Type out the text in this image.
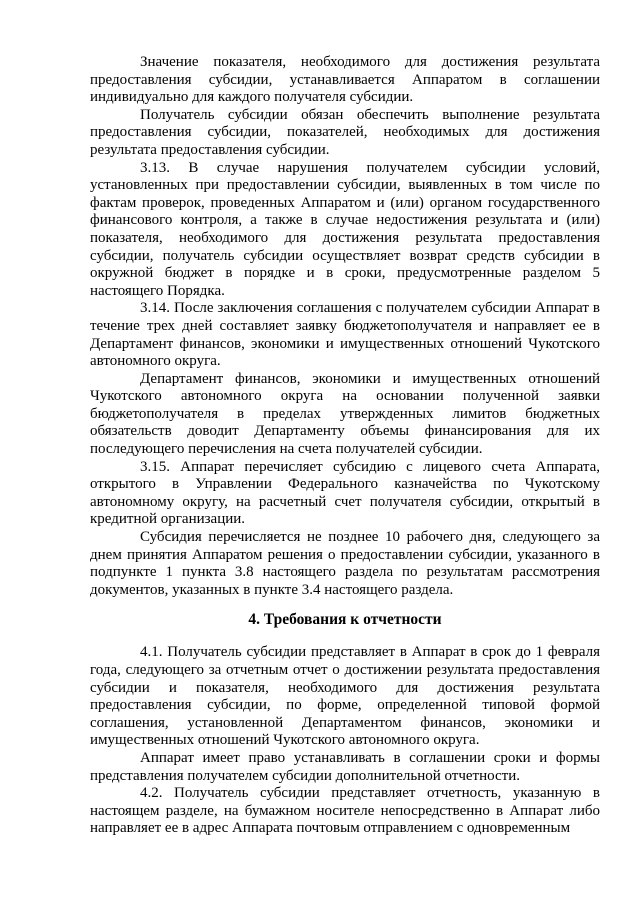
Значение показателя, необходимого для достижения результата предоставления субсидии, устанавливается Аппаратом в соглашении индивидуально для каждого получателя субсидии.

Получатель субсидии обязан обеспечить выполнение результата предоставления субсидии, показателей, необходимых для достижения результата предоставления субсидии.

3.13. В случае нарушения получателем субсидии условий, установленных при предоставлении субсидии, выявленных в том числе по фактам проверок, проведенных Аппаратом и (или) органом государственного финансового контроля, а также в случае недостижения результата и (или) показателя, необходимого для достижения результата предоставления субсидии, получатель субсидии осуществляет возврат средств субсидии в окружной бюджет в порядке и в сроки, предусмотренные разделом 5 настоящего Порядка.

3.14. После заключения соглашения с получателем субсидии Аппарат в течение трех дней составляет заявку бюджетополучателя и направляет ее в Департамент финансов, экономики и имущественных отношений Чукотского автономного округа.

Департамент финансов, экономики и имущественных отношений Чукотского автономного округа на основании полученной заявки бюджетополучателя в пределах утвержденных лимитов бюджетных обязательств доводит Департаменту объемы финансирования для их последующего перечисления на счета получателей субсидии.

3.15. Аппарат перечисляет субсидию с лицевого счета Аппарата, открытого в Управлении Федерального казначейства по Чукотскому автономному округу, на расчетный счет получателя субсидии, открытый в кредитной организации.

Субсидия перечисляется не позднее 10 рабочего дня, следующего за днем принятия Аппаратом решения о предоставлении субсидии, указанного в подпункте 1 пункта 3.8 настоящего раздела по результатам рассмотрения документов, указанных в пункте 3.4 настоящего раздела.

4. Требования к отчетности

4.1. Получатель субсидии представляет в Аппарат в срок до 1 февраля года, следующего за отчетным отчет о достижении результата предоставления субсидии и показателя, необходимого для достижения результата предоставления субсидии, по форме, определенной типовой формой соглашения, установленной Департаментом финансов, экономики и имущественных отношений Чукотского автономного округа.

Аппарат имеет право устанавливать в соглашении сроки и формы представления получателем субсидии дополнительной отчетности.

4.2. Получатель субсидии представляет отчетность, указанную в настоящем разделе, на бумажном носителе непосредственно в Аппарат либо направляет ее в адрес Аппарата почтовым отправлением с одновременным
